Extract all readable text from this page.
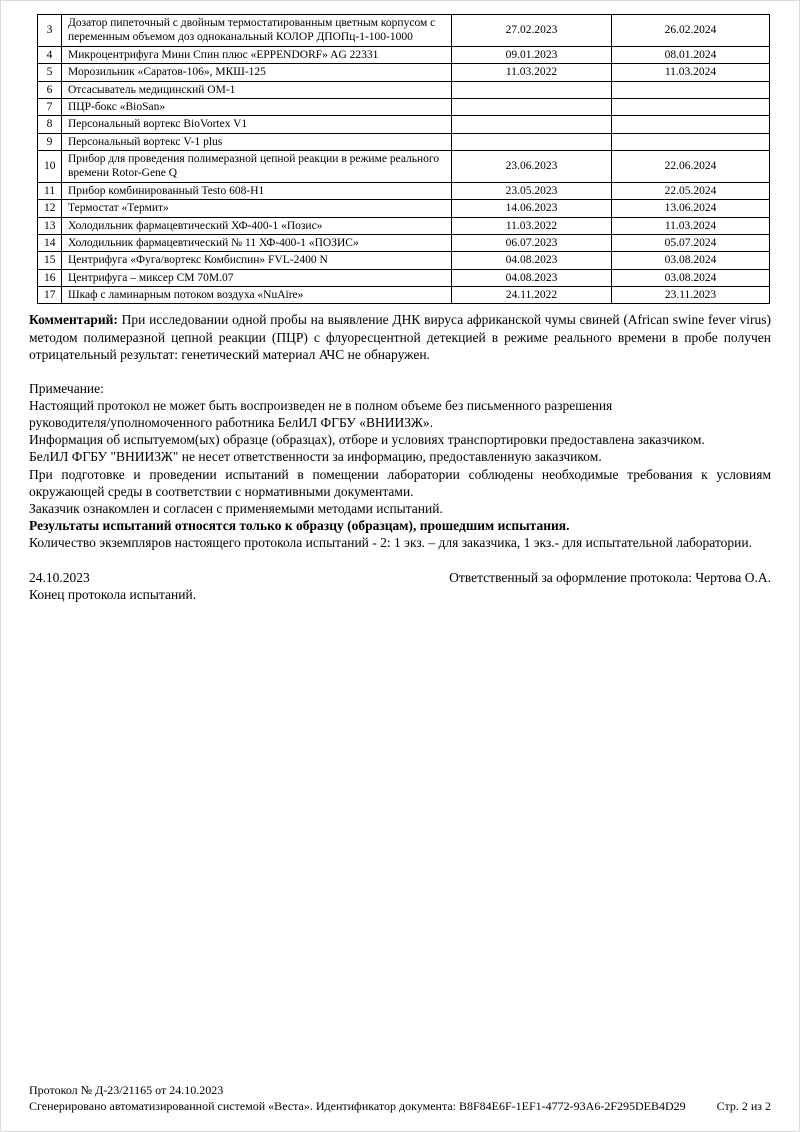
3	Дозатор пипеточный с двойным термостатированным цветным корпусом с переменным объемом доз одноканальный КОЛОР ДПОПц-1-100-1000	27.02.2023	26.02.2024
4	Микроцентрифуга Мини Спин плюс «EPPENDORF» AG 22331	09.01.2023	08.01.2024
5	Морозильник «Саратов-106», МКШ-125	11.03.2022	11.03.2024
6	Отсасыватель медицинский ОМ-1		
7	ПЦР-бокс «BioSan»		
8	Персональный вортекс BioVortex V1		
9	Персональный вортекс V-1 plus		
10	Прибор для проведения полимеразной цепной реакции в режиме реального времени Rotor-Gene Q	23.06.2023	22.06.2024
11	Прибор комбинированный Testo 608-H1	23.05.2023	22.05.2024
12	Термостат «Термит»	14.06.2023	13.06.2024
13	Холодильник фармацевтический ХФ-400-1 «Позис»	11.03.2022	11.03.2024
14	Холодильник фармацевтический № 11 ХФ-400-1 «ПОЗИС»	06.07.2023	05.07.2024
15	Центрифуга «Фуга/вортекс Комбиспин» FVL-2400 N	04.08.2023	03.08.2024
16	Центрифуга – миксер СМ 70М.07	04.08.2023	03.08.2024
17	Шкаф с ламинарным потоком воздуха «NuAire»	24.11.2022	23.11.2023

Комментарий: При исследовании одной пробы на выявление ДНК вируса африканской чумы свиней (African swine fever virus) методом полимеразной цепной реакции (ПЦР) с флуоресцентной детекцией в режиме реального времени в пробе получен отрицательный результат: генетический материал АЧС не обнаружен.

Примечание:
Настоящий протокол не может быть воспроизведен не в полном объеме без письменного разрешения
руководителя/уполномоченного работника БелИЛ ФГБУ «ВНИИЗЖ».
Информация об испытуемом(ых) образце (образцах), отборе и условиях транспортировки предоставлена заказчиком.
БелИЛ ФГБУ "ВНИИЗЖ" не несет ответственности за информацию, предоставленную заказчиком.
При подготовке и проведении испытаний в помещении лаборатории соблюдены необходимые требования к условиям окружающей среды в соответствии с нормативными документами.
Заказчик ознакомлен и согласен с применяемыми методами испытаний.
Результаты испытаний относятся только к образцу (образцам), прошедшим испытания.
Количество экземпляров настоящего протокола испытаний - 2: 1 экз. – для заказчика, 1 экз.- для испытательной лаборатории.
24.10.2023	Ответственный за оформление протокола: Чертова О.А.
Конец протокола испытаний.
Протокол № Д-23/21165 от 24.10.2023
Сгенерировано автоматизированной системой «Веста». Идентификатор документа: B8F84E6F-1EF1-4772-93A6-2F295DEB4D29	Стр. 2 из 2
